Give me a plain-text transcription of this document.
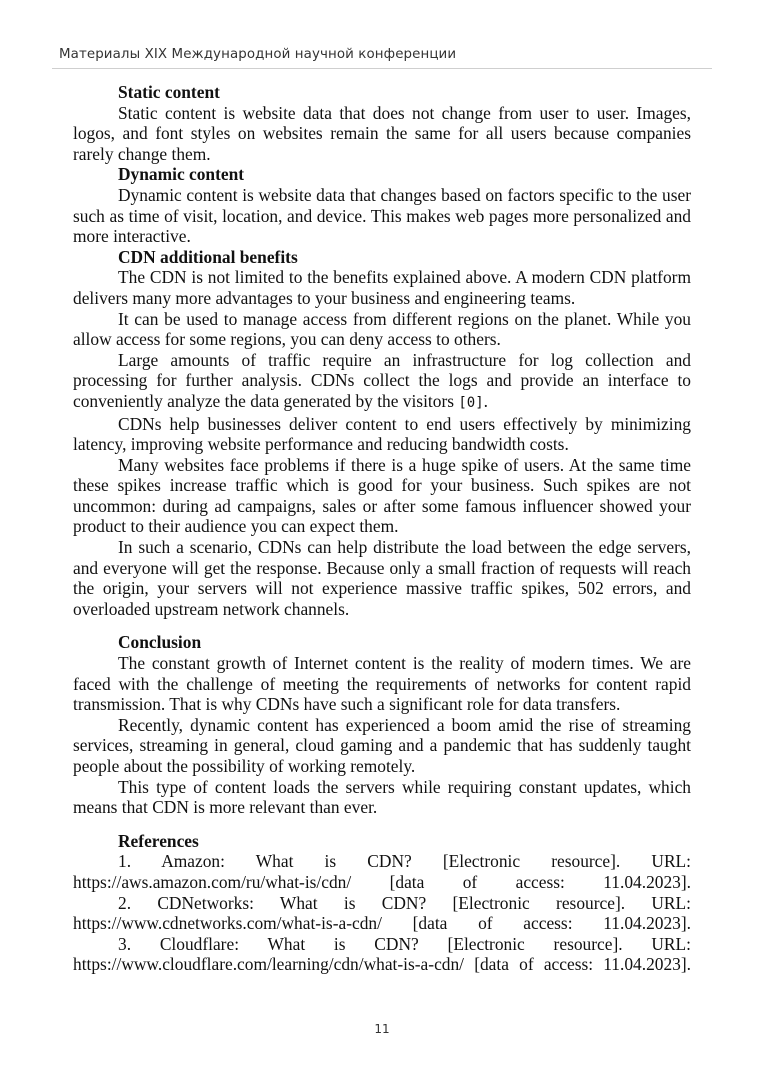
Материалы XIX Международной научной конференции

Static content

Static content is website data that does not change from user to user. Images, logos, and font styles on websites remain the same for all users because companies rarely change them.

Dynamic content

Dynamic content is website data that changes based on factors specific to the user such as time of visit, location, and device. This makes web pages more personalized and more interactive.

CDN additional benefits

The CDN is not limited to the benefits explained above. A modern CDN platform delivers many more advantages to your business and engineering teams.

It can be used to manage access from different regions on the planet. While you allow access for some regions, you can deny access to others.

Large amounts of traffic require an infrastructure for log collection and processing for further analysis. CDNs collect the logs and provide an interface to conveniently analyze the data generated by the visitors [0].

CDNs help businesses deliver content to end users effectively by minimizing latency, improving website performance and reducing bandwidth costs.

Many websites face problems if there is a huge spike of users. At the same time these spikes increase traffic which is good for your business. Such spikes are not uncommon: during ad campaigns, sales or after some famous influencer showed your product to their audience you can expect them.

In such a scenario, CDNs can help distribute the load between the edge servers, and everyone will get the response. Because only a small fraction of requests will reach the origin, your servers will not experience massive traffic spikes, 502 errors, and overloaded upstream network channels.

Conclusion

The constant growth of Internet content is the reality of modern times. We are faced with the challenge of meeting the requirements of networks for content rapid transmission. That is why CDNs have such a significant role for data transfers.

Recently, dynamic content has experienced a boom amid the rise of streaming services, streaming in general, cloud gaming and a pandemic that has suddenly taught people about the possibility of working remotely.

This type of content loads the servers while requiring constant updates, which means that CDN is more relevant than ever.

References

1. Amazon: What is CDN? [Electronic resource]. URL:
https://aws.amazon.com/ru/what-is/cdn/ [data of access: 11.04.2023].

2. CDNetworks: What is CDN? [Electronic resource]. URL:
https://www.cdnetworks.com/what-is-a-cdn/ [data of access: 11.04.2023].

3. Cloudflare: What is CDN? [Electronic resource]. URL:
https://www.cloudflare.com/learning/cdn/what-is-a-cdn/ [data of access: 11.04.2023].

11
